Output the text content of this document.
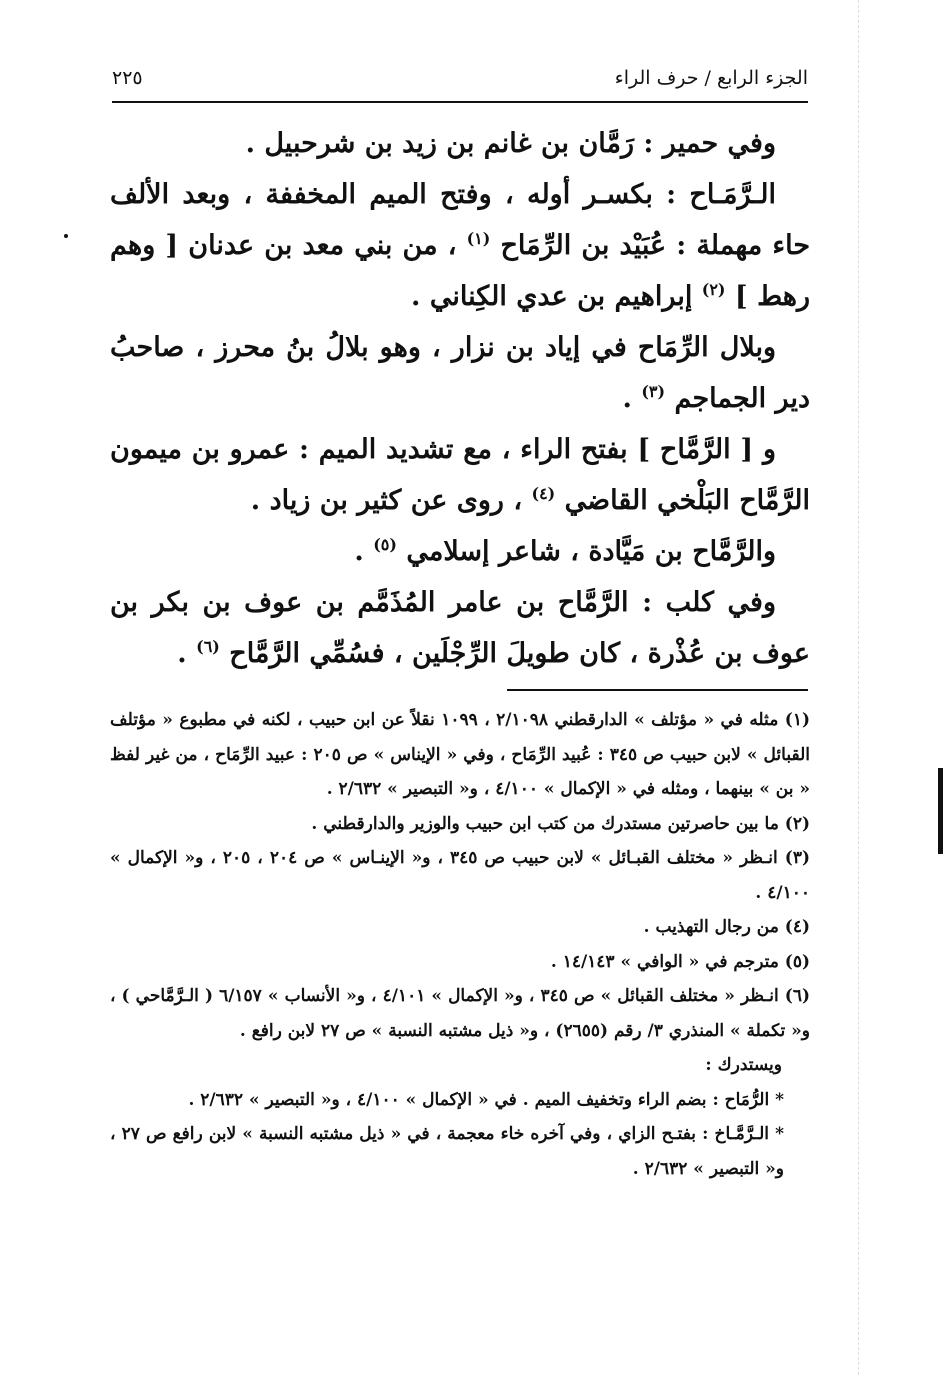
الجزء الرابع / حرف الراء
٢٢٥

وفي حمير : رَمَّان بن غانم بن زيد بن شرحبيل .

الـرَّمَـاح : بكسـر أوله ، وفتح الميم المخففة ، وبعد الألف حاء مهملة : عُبَيْد بن الرِّمَاح $^{(١)}$ ، من بني معد بن عدنان [ وهم رهط ] $^{(٢)}$ إبراهيم بن عدي الكِناني .

وبلال الرِّمَاح في إياد بن نزار ، وهو بلالُ بنُ محرز ، صاحبُ دير الجماجم $^{(٣)}$ .

و [ الرَّمَّاح ] بفتح الراء ، مع تشديد الميم : عمرو بن ميمون الرَّمَّاح البَلْخي القاضي $^{(٤)}$ ، روى عن كثير بن زياد .

والرَّمَّاح بن مَيَّادة ، شاعر إسلامي $^{(٥)}$ .

وفي كلب : الرَّمَّاح بن عامر المُذَمَّم بن عوف بن بكر بن عوف بن عُذْرة ، كان طويلَ الرِّجْلَين ، فسُمِّي الرَّمَّاح $^{(٦)}$ .

(١) مثله في « مؤتلف » الدارقطني ٢/١٠٩٨ ، ١٠٩٩ نقلاً عن ابن حبيب ، لكنه في مطبوع « مؤتلف القبائل » لابن حبيب ص ٣٤٥ : عُبيد الرِّمَاح ، وفي « الإيناس » ص ٢٠٥ : عبيد الرِّمَاح ، من غير لفظ « بن » بينهما ، ومثله في « الإكمال » ٤/١٠٠ ، و« التبصير » ٢/٦٣٢ .

(٢) ما بين حاصرتين مستدرك من كتب ابن حبيب والوزير والدارقطني .

(٣) انـظر « مختلف القبـائل » لابن حبيب ص ٣٤٥ ، و« الإينـاس » ص ٢٠٤ ، ٢٠٥ ، و« الإكمال » ٤/١٠٠ .

(٤) من رجال التهذيب .

(٥) مترجم في « الوافي » ١٤/١٤٣ .

(٦) انـظر « مختلف القبائل » ص ٣٤٥ ، و« الإكمال » ٤/١٠١ ، و« الأنساب » ٦/١٥٧ ( الـرَّمَّاحي ) ، و« تكملة » المنذري ٣/ رقم (٢٦٥٥) ، و« ذيل مشتبه النسبة » ص ٢٧ لابن رافع .

ويستدرك :

* الرُّمَاح : بضم الراء وتخفيف الميم . في « الإكمال » ٤/١٠٠ ، و« التبصير » ٢/٦٣٢ .

* الـرَّمَّـاخ : بفتـح الزاي ، وفي آخره خاء معجمة ، في « ذيل مشتبه النسبة » لابن رافع ص ٢٧ ، و« التبصير » ٢/٦٣٢ .
